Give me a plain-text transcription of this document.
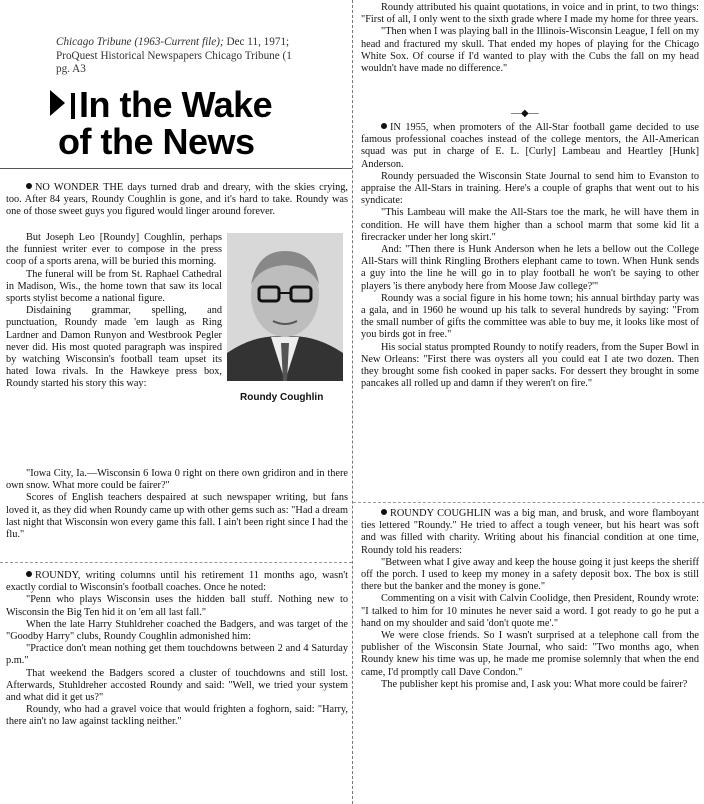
Chicago Tribune (1963-Current file); Dec 11, 1971;
ProQuest Historical Newspapers Chicago Tribune (1
pg. A3
In the Wake
of the News

NO WONDER THE days turned drab and dreary, with the skies crying, too. After 84 years, Roundy Coughlin is gone, and it's hard to take. Roundy was one of those sweet guys you figured would linger around forever.

But Joseph Leo [Roundy] Coughlin, perhaps the funniest writer ever to compose in the press coop of a sports arena, will be buried this morning.

The funeral will be from St. Raphael Cathedral in Madison, Wis., the home town that saw its local sports stylist become a national figure.

Disdaining grammar, spelling, and punctuation, Roundy made 'em laugh as Ring Lardner and Damon Runyon and Westbrook Pegler never did. His most quoted paragraph was inspired by watching Wisconsin's football team upset its hated Iowa rivals. In the Hawkeye press box, Roundy started his story this way:

Roundy Coughlin

"Iowa City, Ia.—Wisconsin 6 Iowa 0 right on there own gridiron and in there own snow. What more could be fairer?"

Scores of English teachers despaired at such newspaper writing, but fans loved it, as they did when Roundy came up with other gems such as: "Had a dream last night that Wisconsin won every game this fall. I ain't been right since I had the flu."

ROUNDY, writing columns until his retirement 11 months ago, wasn't exactly cordial to Wisconsin's football coaches. Once he noted:

"Penn who plays Wisconsin uses the hidden ball stuff. Nothing new to Wisconsin the Big Ten hid it on 'em all last fall."

When the late Harry Stuhldreher coached the Badgers, and was target of the "Goodby Harry" clubs, Roundy Coughlin admonished him:

"Practice don't mean nothing get them touchdowns between 2 and 4 Saturday p.m."

That weekend the Badgers scored a cluster of touchdowns and still lost. Afterwards, Stuhldreher accosted Roundy and said: "Well, we tried your system and what did it get us?"

Roundy, who had a gravel voice that would frighten a foghorn, said: "Harry, there ain't no law against tackling neither."

Roundy attributed his quaint quotations, in voice and in print, to two things: "First of all, I only went to the sixth grade where I made my home for three years.

"Then when I was playing ball in the Illinois-Wisconsin League, I fell on my head and fractured my skull. That ended my hopes of playing for the Chicago White Sox. Of course if I'd wanted to play with the Cubs the fall on my head wouldn't have made no difference."

—◆—

IN 1955, when promoters of the All-Star football game decided to use famous professional coaches instead of the college mentors, the All-American squad was put in charge of E. L. [Curly] Lambeau and Heartley [Hunk] Anderson.

Roundy persuaded the Wisconsin State Journal to send him to Evanston to appraise the All-Stars in training. Here's a couple of graphs that went out to his syndicate:

"This Lambeau will make the All-Stars toe the mark, he will have them in condition. He will have them higher than a school marm that some kid lit a firecracker under her long skirt."

And: "Then there is Hunk Anderson when he lets a bellow out the College All-Stars will think Ringling Brothers elephant came to town. When Hunk sends a guy into the line he will go in to play football he won't be saying to other players 'is there anybody here from Moose Jaw college?'"

Roundy was a social figure in his home town; his annual birthday party was a gala, and in 1960 he wound up his talk to several hundreds by saying: "From the small number of gifts the committee was able to buy me, it looks like most of you birds got in free."

His social status prompted Roundy to notify readers, from the Super Bowl in New Orleans: "First there was oysters all you could eat I ate two dozen. Then they brought some fish cooked in paper sacks. For dessert they brought in some pancakes all rolled up and damn if they weren't on fire."

ROUNDY COUGHLIN was a big man, and brusk, and wore flamboyant ties lettered "Roundy." He tried to affect a tough veneer, but his heart was soft and was filled with charity. Writing about his financial condition at one time, Roundy told his readers:

"Between what I give away and keep the house going it just keeps the sheriff off the porch. I used to keep my money in a safety deposit box. The box is still there but the banker and the money is gone."

Commenting on a visit with Calvin Coolidge, then President, Roundy wrote: "I talked to him for 10 minutes he never said a word. I got ready to go he put a hand on my shoulder and said 'don't quote me'."

We were close friends. So I wasn't surprised at a telephone call from the publisher of the Wisconsin State Journal, who said: "Two months ago, when Roundy knew his time was up, he made me promise solemnly that when the end came, I'd promptly call Dave Condon."

The publisher kept his promise and, I ask you: What more could be fairer?
